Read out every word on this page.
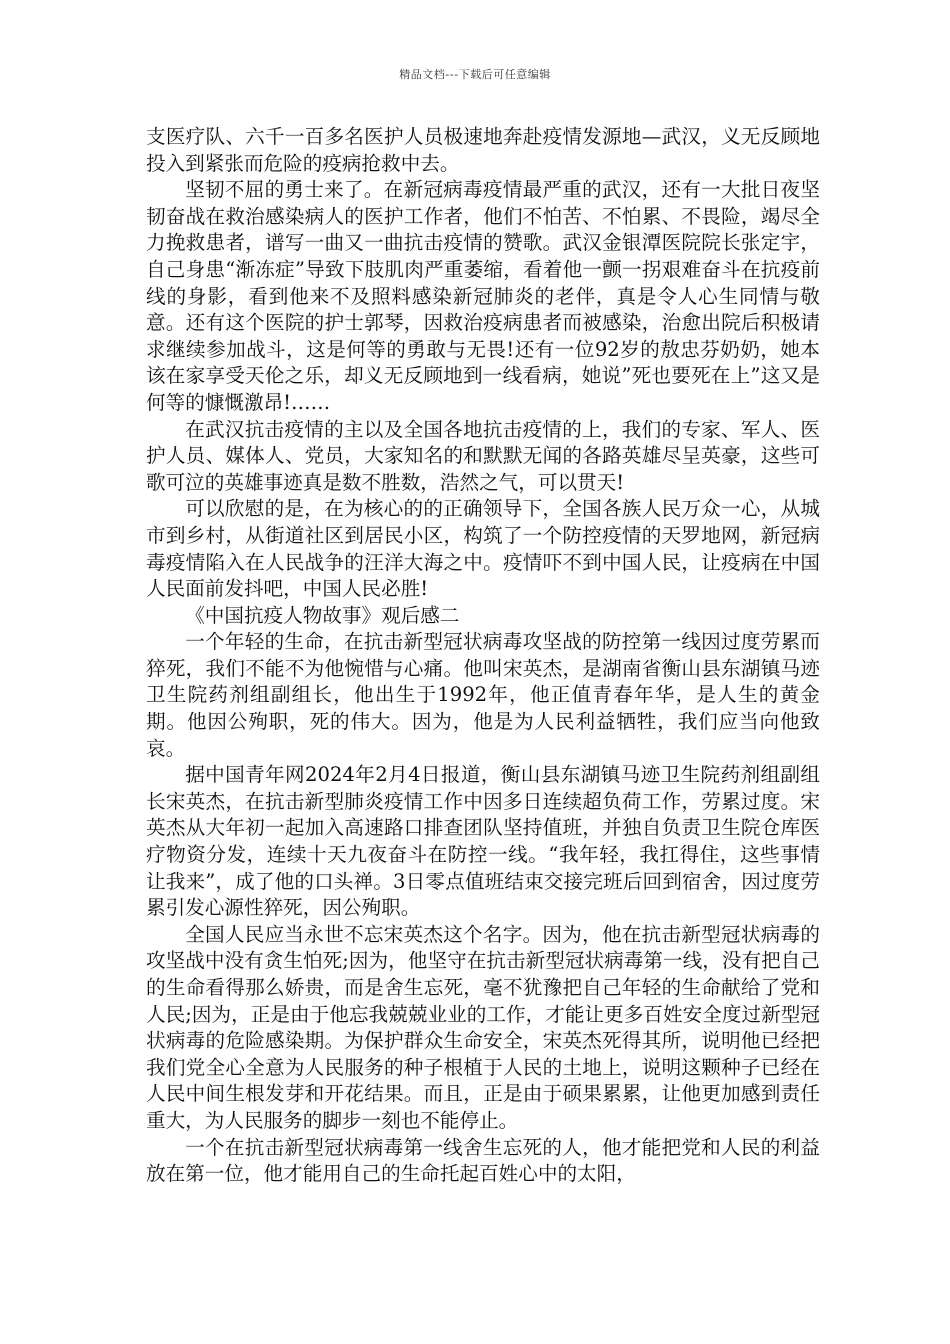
精品文档---下载后可任意编辑

支医疗队、六千一百多名医护人员极速地奔赴疫情发源地—武汉，义无反顾地投入到紧张而危险的疫病抢救中去。

坚韧不屈的勇士来了。在新冠病毒疫情最严重的武汉，还有一大批日夜坚韧奋战在救治感染病人的医护工作者，他们不怕苦、不怕累、不畏险，竭尽全力挽救患者，谱写一曲又一曲抗击疫情的赞歌。武汉金银潭医院院长张定宇，自己身患“渐冻症”导致下肢肌肉严重萎缩，看着他一颤一拐艰难奋斗在抗疫前线的身影，看到他来不及照料感染新冠肺炎的老伴，真是令人心生同情与敬意。还有这个医院的护士郭琴，因救治疫病患者而被感染，治愈出院后积极请求继续参加战斗，这是何等的勇敢与无畏!还有一位92岁的敖忠芬奶奶，她本该在家享受天伦之乐，却义无反顾地到一线看病，她说”死也要死在上”这又是何等的慷慨激昂!……

在武汉抗击疫情的主以及全国各地抗击疫情的上，我们的专家、军人、医护人员、媒体人、党员，大家知名的和默默无闻的各路英雄尽呈英豪，这些可歌可泣的英雄事迹真是数不胜数，浩然之气，可以贯天!

可以欣慰的是，在为核心的的正确领导下，全国各族人民万众一心，从城市到乡村，从街道社区到居民小区，构筑了一个防控疫情的天罗地网，新冠病毒疫情陷入在人民战争的汪洋大海之中。疫情吓不到中国人民，让疫病在中国人民面前发抖吧，中国人民必胜!

《中国抗疫人物故事》观后感二

一个年轻的生命，在抗击新型冠状病毒攻坚战的防控第一线因过度劳累而猝死，我们不能不为他惋惜与心痛。他叫宋英杰，是湖南省衡山县东湖镇马迹卫生院药剂组副组长，他出生于1992年，他正值青春年华，是人生的黄金期。他因公殉职，死的伟大。因为，他是为人民利益牺牲，我们应当向他致哀。

据中国青年网2024年2月4日报道，衡山县东湖镇马迹卫生院药剂组副组长宋英杰，在抗击新型肺炎疫情工作中因多日连续超负荷工作，劳累过度。宋英杰从大年初一起加入高速路口排查团队坚持值班，并独自负责卫生院仓库医疗物资分发，连续十天九夜奋斗在防控一线。“我年轻，我扛得住，这些事情让我来”，成了他的口头禅。3日零点值班结束交接完班后回到宿舍，因过度劳累引发心源性猝死，因公殉职。

全国人民应当永世不忘宋英杰这个名字。因为，他在抗击新型冠状病毒的攻坚战中没有贪生怕死;因为，他坚守在抗击新型冠状病毒第一线，没有把自己的生命看得那么娇贵，而是舍生忘死，毫不犹豫把自己年轻的生命献给了党和人民;因为，正是由于他忘我兢兢业业的工作，才能让更多百姓安全度过新型冠状病毒的危险感染期。为保护群众生命安全，宋英杰死得其所，说明他已经把我们党全心全意为人民服务的种子根植于人民的土地上，说明这颗种子已经在人民中间生根发芽和开花结果。而且，正是由于硕果累累，让他更加感到责任重大，为人民服务的脚步一刻也不能停止。

一个在抗击新型冠状病毒第一线舍生忘死的人，他才能把党和人民的利益放在第一位，他才能用自己的生命托起百姓心中的太阳，
